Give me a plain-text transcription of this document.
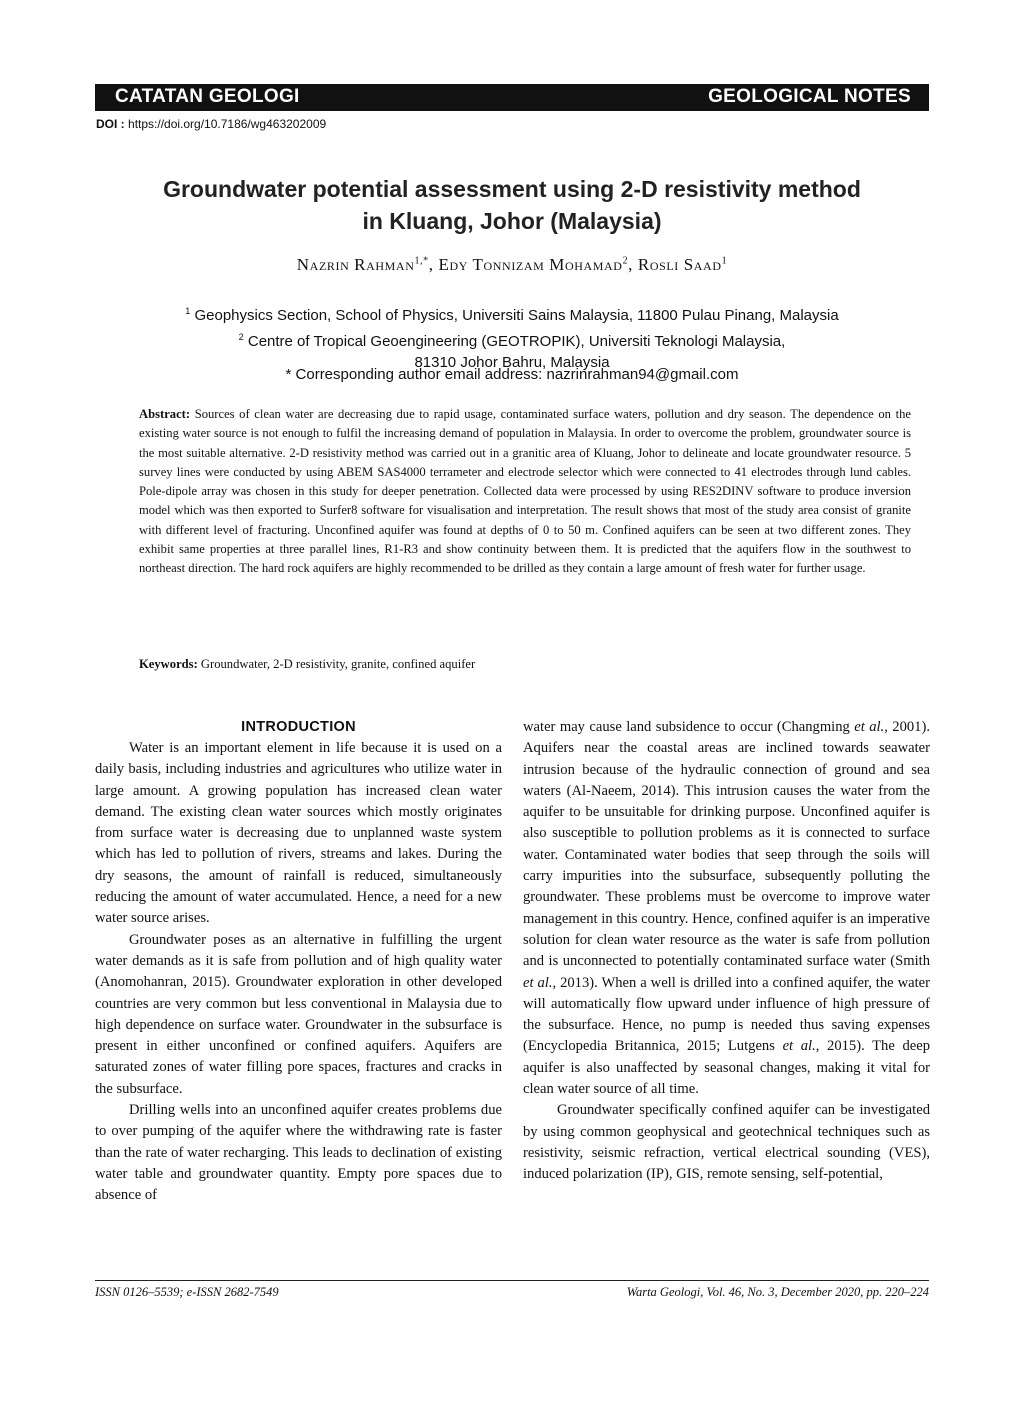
CATATAN GEOLOGI	GEOLOGICAL NOTES
DOI : https://doi.org/10.7186/wg463202009
Groundwater potential assessment using 2-D resistivity method
in Kluang, Johor (Malaysia)
Nazrin Rahman$^{1,*}$, Edy Tonnizam Mohamad$^2$, Rosli Saad$^1$
$^1$ Geophysics Section, School of Physics, Universiti Sains Malaysia, 11800 Pulau Pinang, Malaysia
$^2$ Centre of Tropical Geoengineering (GEOTROPIK), Universiti Teknologi Malaysia,
81310 Johor Bahru, Malaysia
* Corresponding author email address: nazrinrahman94@gmail.com
Abstract: Sources of clean water are decreasing due to rapid usage, contaminated surface waters, pollution and dry season. The dependence on the existing water source is not enough to fulfil the increasing demand of population in Malaysia. In order to overcome the problem, groundwater source is the most suitable alternative. 2-D resistivity method was carried out in a granitic area of Kluang, Johor to delineate and locate groundwater resource. 5 survey lines were conducted by using ABEM SAS4000 terrameter and electrode selector which were connected to 41 electrodes through lund cables. Pole-dipole array was chosen in this study for deeper penetration. Collected data were processed by using RES2DINV software to produce inversion model which was then exported to Surfer8 software for visualisation and interpretation. The result shows that most of the study area consist of granite with different level of fracturing. Unconfined aquifer was found at depths of 0 to 50 m. Confined aquifers can be seen at two different zones. They exhibit same properties at three parallel lines, R1-R3 and show continuity between them. It is predicted that the aquifers flow in the southwest to northeast direction. The hard rock aquifers are highly recommended to be drilled as they contain a large amount of fresh water for further usage.
Keywords: Groundwater, 2-D resistivity, granite, confined aquifer
INTRODUCTION

Water is an important element in life because it is used on a daily basis, including industries and agricultures who utilize water in large amount. A growing population has increased clean water demand. The existing clean water sources which mostly originates from surface water is decreasing due to unplanned waste system which has led to pollution of rivers, streams and lakes. During the dry seasons, the amount of rainfall is reduced, simultaneously reducing the amount of water accumulated. Hence, a need for a new water source arises.

Groundwater poses as an alternative in fulfilling the urgent water demands as it is safe from pollution and of high quality water (Anomohanran, 2015). Groundwater exploration in other developed countries are very common but less conventional in Malaysia due to high dependence on surface water. Groundwater in the subsurface is present in either unconfined or confined aquifers. Aquifers are saturated zones of water filling pore spaces, fractures and cracks in the subsurface.

Drilling wells into an unconfined aquifer creates problems due to over pumping of the aquifer where the withdrawing rate is faster than the rate of water recharging. This leads to declination of existing water table and groundwater quantity. Empty pore spaces due to absence of

water may cause land subsidence to occur (Changming et al., 2001). Aquifers near the coastal areas are inclined towards seawater intrusion because of the hydraulic connection of ground and sea waters (Al-Naeem, 2014). This intrusion causes the water from the aquifer to be unsuitable for drinking purpose. Unconfined aquifer is also susceptible to pollution problems as it is connected to surface water. Contaminated water bodies that seep through the soils will carry impurities into the subsurface, subsequently polluting the groundwater. These problems must be overcome to improve water management in this country. Hence, confined aquifer is an imperative solution for clean water resource as the water is safe from pollution and is unconnected to potentially contaminated surface water (Smith et al., 2013). When a well is drilled into a confined aquifer, the water will automatically flow upward under influence of high pressure of the subsurface. Hence, no pump is needed thus saving expenses (Encyclopedia Britannica, 2015; Lutgens et al., 2015). The deep aquifer is also unaffected by seasonal changes, making it vital for clean water source of all time.

Groundwater specifically confined aquifer can be investigated by using common geophysical and geotechnical techniques such as resistivity, seismic refraction, vertical electrical sounding (VES), induced polarization (IP), GIS, remote sensing, self-potential,

ISSN 0126–5539; e-ISSN 2682-7549	Warta Geologi, Vol. 46, No. 3, December 2020, pp. 220–224
